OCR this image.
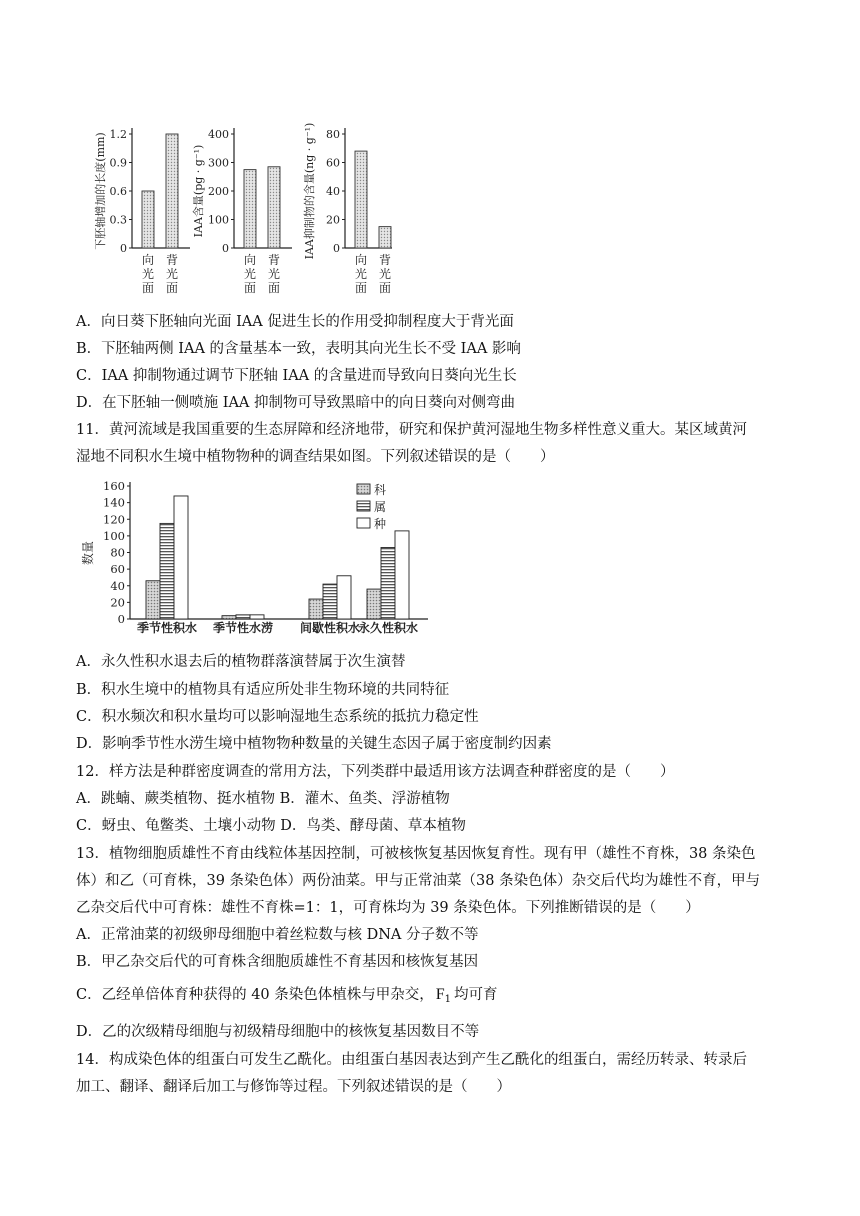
0
0.3
0.6
0.9
1.2
下胚轴增加的长度(mm)
向
光
面
背
光
面
0
100
200
300
400
IAA含量(pg · g⁻¹)
向
光
面
背
光
面
0
20
40
60
80
IAA抑制物的含量(ng · g⁻¹)
向
光
面
背
光
面
A．向日葵下胚轴向光面 IAA 促进生长的作用受抑制程度大于背光面
B．下胚轴两侧 IAA 的含量基本一致，表明其向光生长不受 IAA 影响
C．IAA 抑制物通过调节下胚轴 IAA 的含量进而导致向日葵向光生长
D．在下胚轴一侧喷施 IAA 抑制物可导致黑暗中的向日葵向对侧弯曲
11．黄河流域是我国重要的生态屏障和经济地带，研究和保护黄河湿地生物多样性意义重大。某区域黄河
湿地不同积水生境中植物物种的调查结果如图。下列叙述错误的是（　　）
0
20
40
60
80
100
120
140
160
数量
季节性积水 季节性水涝 间歇性积水
永久性积水
科
属
种
A．永久性积水退去后的植物群落演替属于次生演替
B．积水生境中的植物具有适应所处非生物环境的共同特征
C．积水频次和积水量均可以影响湿地生态系统的抵抗力稳定性
D．影响季节性水涝生境中植物物种数量的关键生态因子属于密度制约因素
12．样方法是种群密度调查的常用方法，下列类群中最适用该方法调查种群密度的是（　　）
A．跳蝻、蕨类植物、挺水植物 B．灌木、鱼类、浮游植物
C．蚜虫、龟鳖类、土壤小动物 D．鸟类、酵母菌、草本植物
13．植物细胞质雄性不育由线粒体基因控制，可被核恢复基因恢复育性。现有甲（雄性不育株，38 条染色
体）和乙（可育株，39 条染色体）两份油菜。甲与正常油菜（38 条染色体）杂交后代均为雄性不育，甲与
乙杂交后代中可育株：雄性不育株=1：1，可育株均为 39 条染色体。下列推断错误的是（　　）
A．正常油菜的初级卵母细胞中着丝粒数与核 DNA 分子数不等
B．甲乙杂交后代的可育株含细胞质雄性不育基因和核恢复基因
C．乙经单倍体育种获得的 40 条染色体植株与甲杂交， $F_1$ 均可育
D．乙的次级精母细胞与初级精母细胞中的核恢复基因数目不等
14．构成染色体的组蛋白可发生乙酰化。由组蛋白基因表达到产生乙酰化的组蛋白，需经历转录、转录后
加工、翻译、翻译后加工与修饰等过程。下列叙述错误的是（　　）
